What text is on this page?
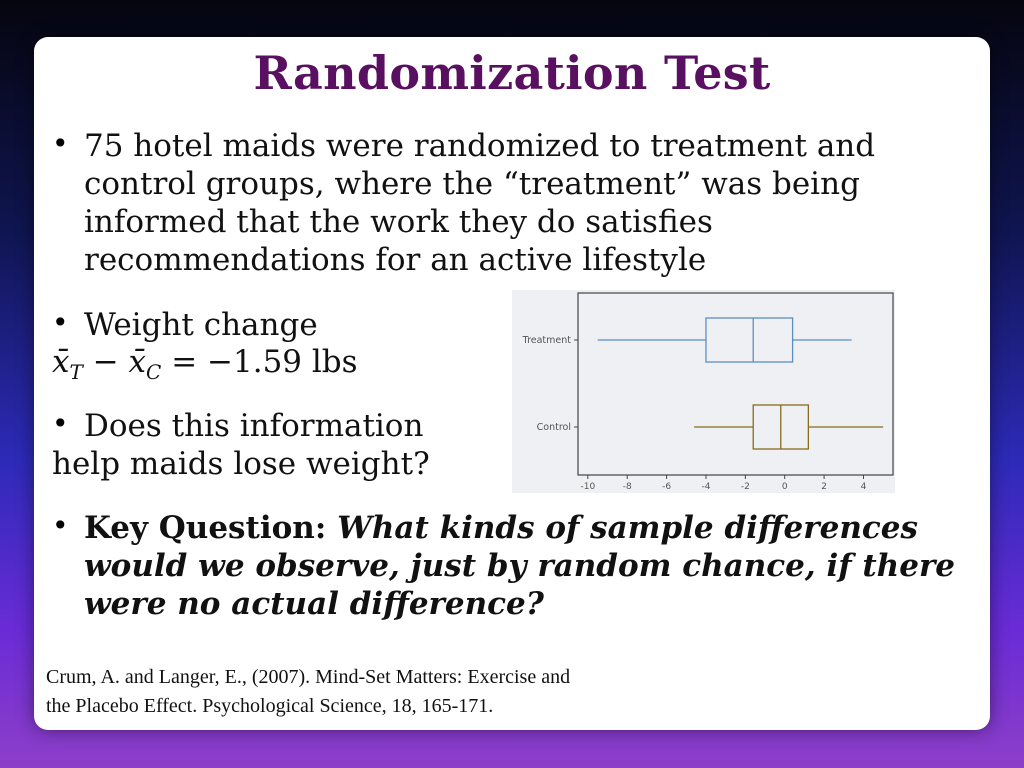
Randomization Test
• 75 hotel maids were randomized to treatment and control groups, where the “treatment” was being informed that the work they do satisfies recommendations for an active lifestyle
• Weight change
$x̄_T$ − $x̄_C = -1.59$ lbs
• Does this information
help maids lose weight?
• Key Question: What kinds of sample differences would we observe, just by random chance, if there were no actual difference?
-10	-8	-6	-4	-2	0	2	4
Treatment
Control
Crum, A. and Langer, E., (2007). Mind-Set Matters: Exercise and
the Placebo Effect. Psychological Science, 18, 165-171.
